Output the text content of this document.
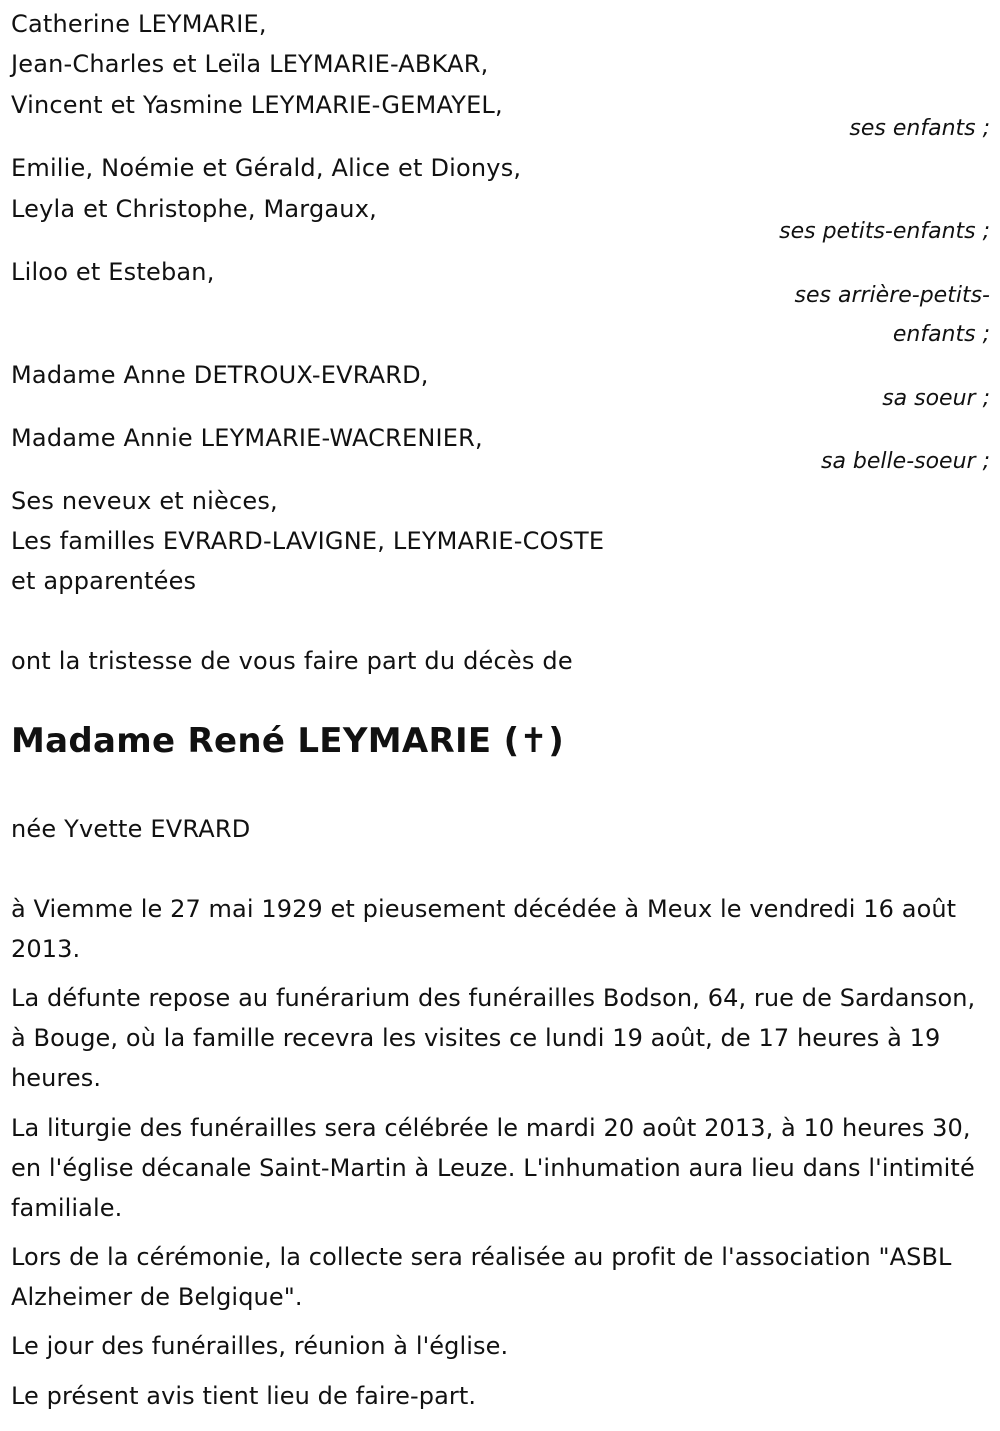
Catherine LEYMARIE,
Jean-Charles et Leïla LEYMARIE-ABKAR,
Vincent et Yasmine LEYMARIE-GEMAYEL,
ses enfants ;
Emilie, Noémie et Gérald, Alice et Dionys,
Leyla et Christophe, Margaux,
ses petits-enfants ;
Liloo et Esteban,
ses arrière-petits-
enfants ;
Madame Anne DETROUX-EVRARD,
sa soeur ;
Madame Annie LEYMARIE-WACRENIER,
sa belle-soeur ;
Ses neveux et nièces,
Les familles EVRARD-LAVIGNE, LEYMARIE-COSTE
et apparentées
ont la tristesse de vous faire part du décès de
Madame René LEYMARIE (✝)
née Yvette EVRARD
à Viemme le 27 mai 1929 et pieusement décédée à Meux le vendredi 16 août 2013.
La défunte repose au funérarium des funérailles Bodson, 64, rue de Sardanson, à Bouge, où la famille recevra les visites ce lundi 19 août, de 17 heures à 19 heures.
La liturgie des funérailles sera célébrée le mardi 20 août 2013, à 10 heures 30, en l'église décanale Saint-Martin à Leuze. L'inhumation aura lieu dans l'intimité familiale.
Lors de la cérémonie, la collecte sera réalisée au profit de l'association "ASBL Alzheimer de Belgique".
Le jour des funérailles, réunion à l'église.
Le présent avis tient lieu de faire-part.
